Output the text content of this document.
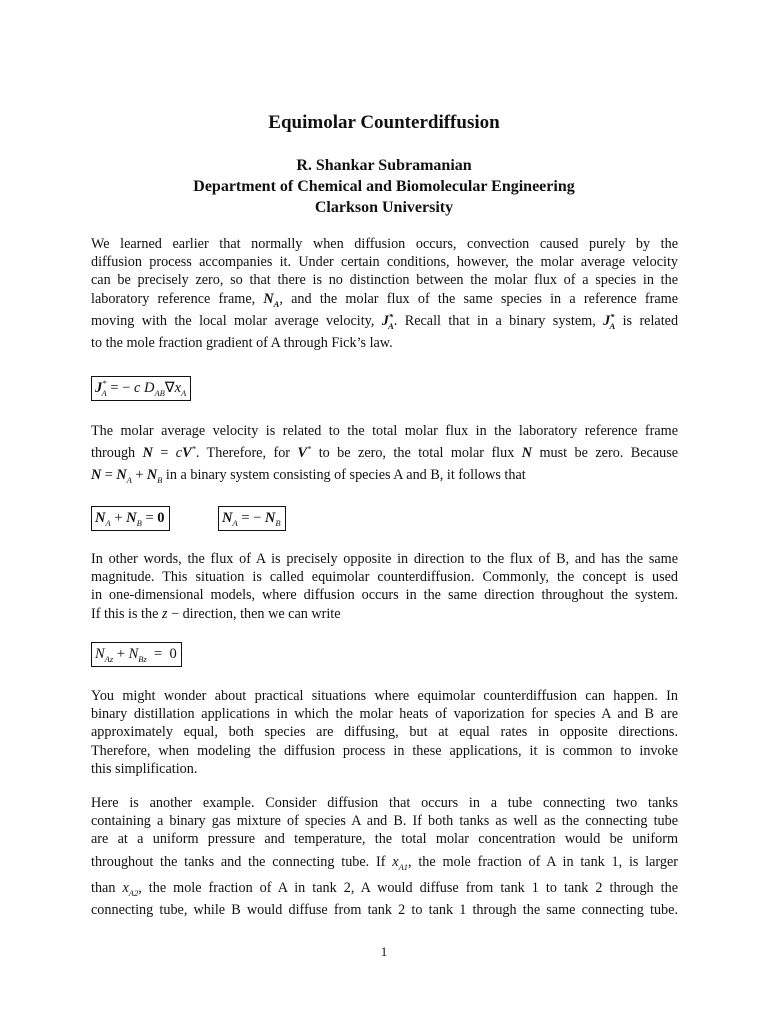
Equimolar Counterdiffusion
R. Shankar Subramanian
Department of Chemical and Biomolecular Engineering
Clarkson University
We learned earlier that normally when diffusion occurs, convection caused purely by the
diffusion process accompanies it. Under certain conditions, however, the molar average velocity
can be precisely zero, so that there is no distinction between the molar flux of a species in the
laboratory reference frame, $N_A$, and the molar flux of the same species in a reference frame
moving with the local molar average velocity, $J^*_A$. Recall that in a binary system, $J^*_A$ is related
to the mole fraction gradient of A through Fick’s law.
$J^*_A$ = − c $D_{AB}\nabla x_A$
The molar average velocity is related to the total molar flux in the laboratory reference frame
through N = cV*. Therefore, for V* to be zero, the total molar flux N must be zero. Because
$N = N_A + N_B$ in a binary system consisting of species A and B, it follows that
$N_A + N_B = 0$	$N_A$ = − $N_B$
In other words, the flux of A is precisely opposite in direction to the flux of B, and has the same
magnitude. This situation is called equimolar counterdiffusion. Commonly, the concept is used
in one-dimensional models, where diffusion occurs in the same direction throughout the system.
If this is the z − direction, then we can write
$N_{Az} + N_{Bz} = 0$
You might wonder about practical situations where equimolar counterdiffusion can happen. In
binary distillation applications in which the molar heats of vaporization for species A and B are
approximately equal, both species are diffusing, but at equal rates in opposite directions.
Therefore, when modeling the diffusion process in these applications, it is common to invoke
this simplification.
Here is another example. Consider diffusion that occurs in a tube connecting two tanks
containing a binary gas mixture of species A and B. If both tanks as well as the connecting tube
are at a uniform pressure and temperature, the total molar concentration would be uniform
throughout the tanks and the connecting tube. If $x_{A1}$, the mole fraction of A in tank 1, is larger
than $x_{A2}$, the mole fraction of A in tank 2, A would diffuse from tank 1 to tank 2 through the
connecting tube, while B would diffuse from tank 2 to tank 1 through the same connecting tube.
1
